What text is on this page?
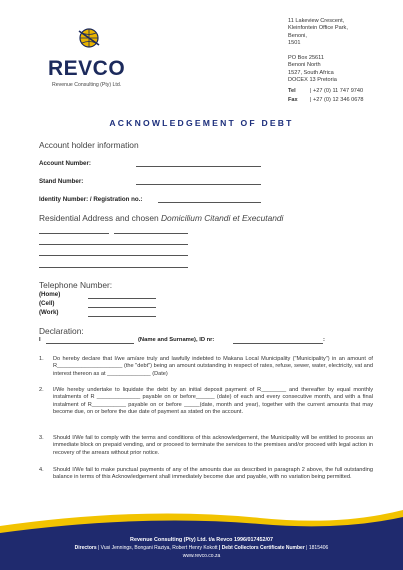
REVCO
Revenue Consulting (Pty) Ltd.
11 Lakeview Crescent,
Kleinfontein Office Park,
Benoni,
1501

PO Box 25611
Benoni North
1527, South Africa
DOCEX 13 Pretoria
Tel	| +27 (0) 11 747 9740
Fax	| +27 (0) 12 346 0678
ACKNOWLEDGEMENT OF DEBT
Account holder information
Account Number:
Stand Number:
Identity Number: / Registration no.:
Residential Address and chosen Domicilium Citandi et Executandi
Telephone Number:
(Home)
(Cell)
(Work)
Declaration:
I	(Name and Surname), ID nr:	:
1.	Do hereby declare that I/we am/are truly and lawfully indebted to Makana Local Municipality ("Municipality") in an amount of R_____________________ (the "debt") being an amount outstanding in respect of rates, refuse, sewer, water, electricity, vat and interest thereon as at ______________ (Date)
2.	I/We hereby undertake to liquidate the debt by an initial deposit payment of R________ and thereafter by equal monthly instalments of R ______________ payable on or before______ (date) of each and every consecutive month, and with a final instalment of R___________ payable on or before _____(date, month and year), together with the current amounts that may become due, on or before the due date of payment as stated on the account.
3.	Should I/We fail to comply with the terms and conditions of this acknowledgement, the Municipality will be entitled to process an immediate block on prepaid vending, and or proceed to terminate the services to the premises and/or proceed with legal action in recovery of the arrears without prior notice.
4.	Should I/We fail to make punctual payments of any of the amounts due as described in paragraph 2 above, the full outstanding balance in terms of this Acknowledgement shall immediately become due and payable, with no variation being permitted.
Revenue Consulting (Pty) Ltd. t/a Revco 1996/017452/07
Directors | Vusi Jennings, Bongani Raziya, Robert Henry Kokott | Debt Collectors Certificate Number | 1815406
www.revco.co.za
